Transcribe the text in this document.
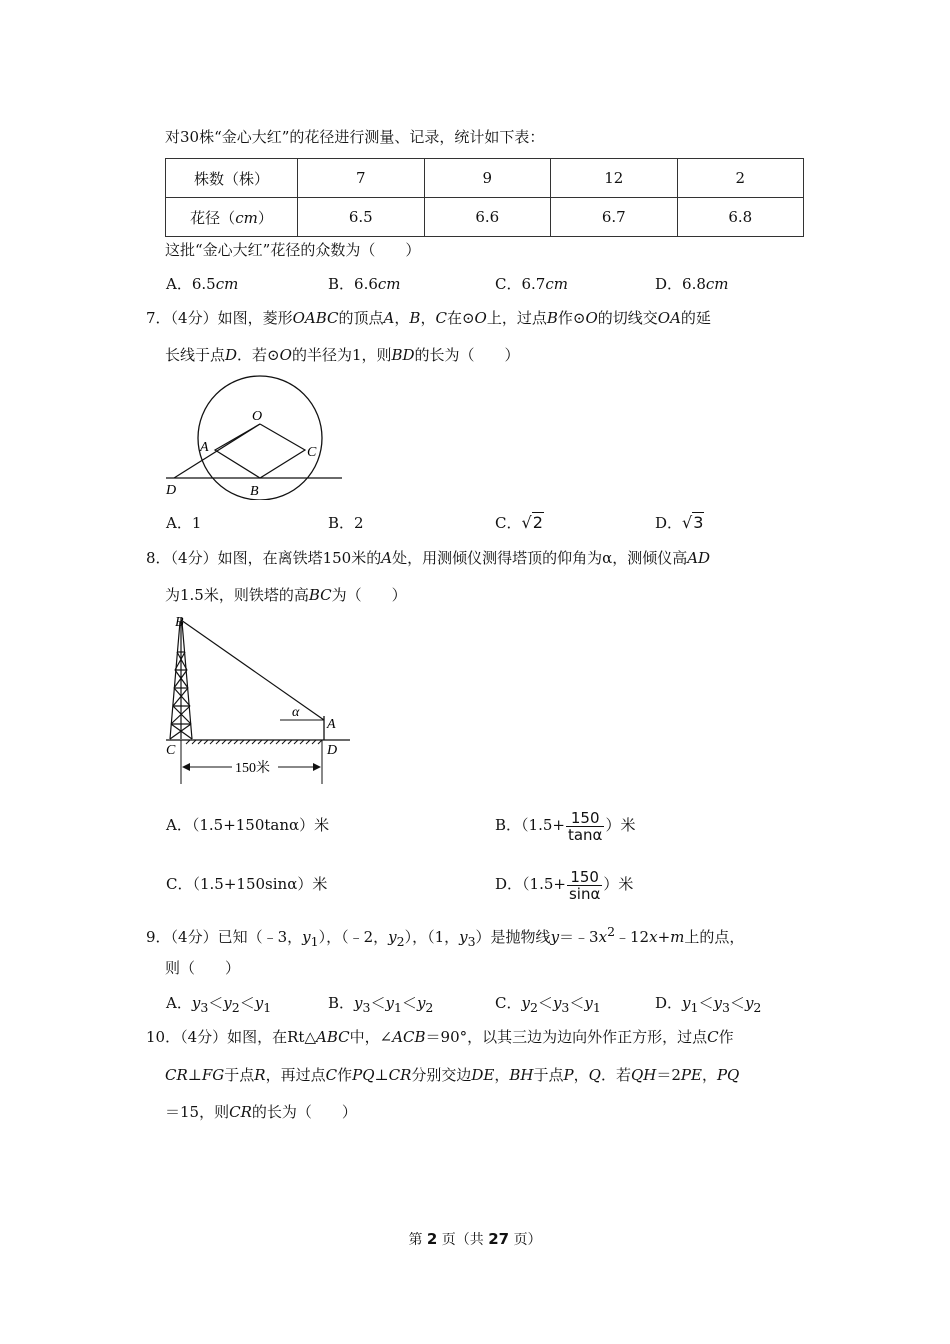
对30株“金心大红”的花径进行测量、记录，统计如下表：
株数（株）	7	9	12	2
花径（cm）	6.5	6.6	6.7	6.8
这批“金心大红”花径的众数为（　　）
A．6.5cm	B．6.6cm	C．6.7cm	D．6.8cm
7．（4分）如图，菱形OABC的顶点A，B，C在⊙O上，过点B作⊙O的切线交OA的延
长线于点D．若⊙O的半径为1，则BD的长为（　　）
O
A	C
D	B
A．1	B．2	C．√2	D．√3
8．（4分）如图，在离铁塔150米的A处，用测倾仪测得塔顶的仰角为α，测倾仪高AD
为1.5米，则铁塔的高BC为（　　）
150米
B
α
A
C	D
A．（1.5+150tanα）米	B．（$1.5+ \frac{150}{\tan\alpha}$ ）米
C．（1.5+150sinα）米	D．（$1.5+ \frac{150}{\sin\alpha}$ ）米
9．（4分）已知（﹣3，$y_1$），（﹣2，$y_2$），（1，$y_3$）是抛物线$y=﹣3x^2﹣12x+m$上的点，
则（　　）
A．$y_3<y_2<y_1$	B．$y_3<y_1<y_2$	C．$y_2<y_3<y_1$	D．$y_1<y_3<y_2$
10．（4分）如图，在Rt△ABC中，∠ACB＝90°，以其三边为边向外作正方形，过点C作
CR⊥FG于点R，再过点C作PQ⊥CR分别交边DE，BH于点P，Q．若QH＝2PE，PQ
＝15，则CR的长为（　　）
第 2 页（共 27 页）
